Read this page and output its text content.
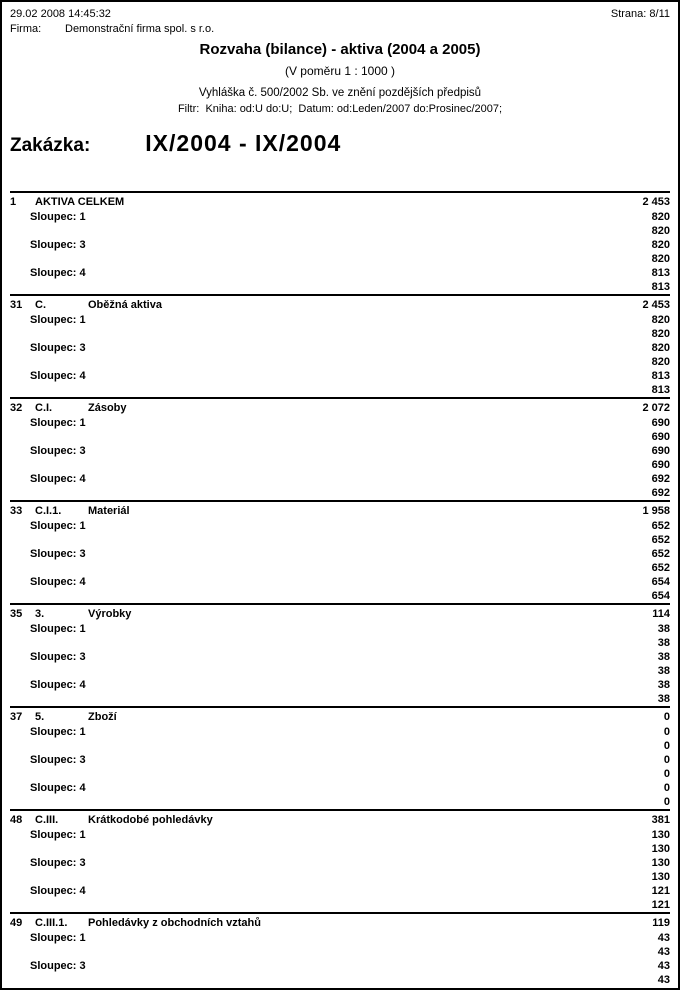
29.02 2008 14:45:32	Strana: 8/11
Firma:	Demonstrační firma spol. s r.o.
Rozvaha (bilance) - aktiva (2004 a 2005)
(V poměru 1 : 1000 )
Vyhláška č. 500/2002 Sb. ve znění pozdějších předpisů
Filtr:  Kniha: od:U do:U;  Datum: od:Leden/2007 do:Prosinec/2007;
Zakázka: IX/2004 - IX/2004
1	AKTIVA CELKEM	2 453
Sloupec: 1	820
820
Sloupec: 3	820
820
Sloupec: 4	813
813
31	C.	Oběžná aktiva	2 453
Sloupec: 1	820
820
Sloupec: 3	820
820
Sloupec: 4	813
813
32	C.I.	Zásoby	2 072
Sloupec: 1	690
690
Sloupec: 3	690
690
Sloupec: 4	692
692
33	C.I.1.	Materiál	1 958
Sloupec: 1	652
652
Sloupec: 3	652
652
Sloupec: 4	654
654
35	3.	Výrobky	114
Sloupec: 1	38
38
Sloupec: 3	38
38
Sloupec: 4	38
38
37	5.	Zboží	0
Sloupec: 1	0
0
Sloupec: 3	0
0
Sloupec: 4	0
0
48	C.III.	Krátkodobé pohledávky	381
Sloupec: 1	130
130
Sloupec: 3	130
130
Sloupec: 4	121
121
49	C.III.1.	Pohledávky z obchodních vztahů	119
Sloupec: 1	43
43
Sloupec: 3	43
43
